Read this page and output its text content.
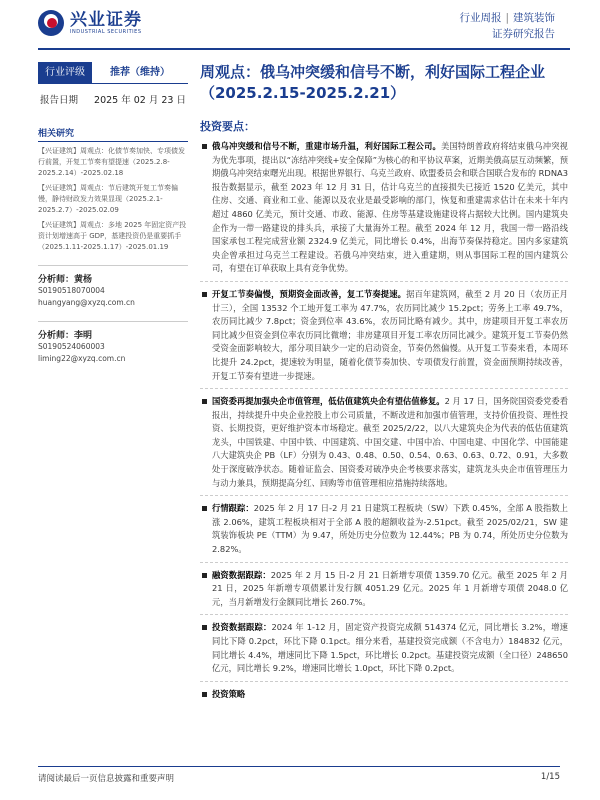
兴业证券
INDUSTRIAL SECURITIES
行业周报 | 建筑装饰
证券研究报告
行业评级	推荐（维持）
报告日期 2025 年 02 月 23 日
相关研究
【兴证建筑】周观点：化债节奏加快、专项债发行前置，开复工节奏有望提速（2025.2.8-2025.2.14）-2025.02.18
【兴证建筑】周观点：节后建筑开复工节奏偏慢，静待财政发力效果显现（2025.2.1-2025.2.7）-2025.02.09
【兴证建筑】周观点：多地 2025 年固定资产投资计划增速高于 GDP，基建投资仍是重要抓手（2025.1.11-2025.1.17）-2025.01.19
分析师：黄杨
S0190518070004
huangyang@xyzq.com.cn
分析师：李明
S0190524060003
liming22@xyzq.com.cn
周观点：俄乌冲突缓和信号不断，利好国际工程企业（2025.2.15-2025.2.21）
投资要点：
俄乌冲突缓和信号不断，重建市场升温，利好国际工程公司。美国特朗普政府将结束俄乌冲突视为优先事项，提出以“冻结冲突线+安全保障”为核心的和平协议草案，近期美俄高层互动频繁，预期俄乌冲突结束曙光出现。根据世界银行、乌克兰政府、欧盟委员会和联合国联合发布的 RDNA3 报告数据显示，截至 2023 年 12 月 31 日，估计乌克兰的直接损失已接近 1520 亿美元，其中住房、交通、商业和工业、能源以及农业是最受影响的部门，恢复和重建需求估计在未来十年内超过 4860 亿美元，预计交通、市政、能源、住房等基建设施建设将占据较大比例。国内建筑央企作为一带一路建设的排头兵，承接了大量海外工程。截至 2024 年 12 月，我国一带一路沿线国家承包工程完成营业额 2324.9 亿美元，同比增长 0.4%，出海节奏保持稳定。国内多家建筑央企曾承担过乌克兰工程建设。若俄乌冲突结束，进入重建期，则从事国际工程的国内建筑公司，有望在订单获取上具有竞争优势。
开复工节奏偏慢，预期资金面改善，复工节奏提速。据百年建筑网，截至 2 月 20 日（农历正月廿三），全国 13532 个工地开复工率为 47.7%，农历同比减少 15.2pct；劳务上工率 49.7%，农历同比减少 7.8pct；资金到位率 43.6%，农历同比略有减少。其中，房建项目开复工率农历同比减少但资金到位率农历同比微增；非房建项目开复工率农历同比减少。建筑开复工节奏仍然受资金面影响较大，部分项目缺少一定的启动资金，节奏仍然偏慢。从开复工节奏来看，本周环比提升 24.2pct，提速较为明显，随着化债节奏加快、专项债发行前置，资金面预期持续改善，开复工节奏有望进一步提速。
国资委再提加强央企市值管理，低估值建筑央企有望估值修复。2 月 17 日，国务院国资委党委看报出，持续提升中央企业控股上市公司质量，不断改进和加强市值管理，支持价值投资、理性投资、长期投资，更好维护资本市场稳定。截至 2025/2/22，以八大建筑央企为代表的低估值建筑龙头，中国铁建、中国中铁、中国建筑、中国交建、中国中冶、中国电建、中国化学、中国能建八大建筑央企 PB（LF）分别为 0.43、0.48、0.50、0.54、0.63、0.63、0.72、0.91，大多数处于深度破净状态。随着证监会、国资委对破净央企考核要求落实，建筑龙头央企市值管理压力与动力兼具，预期提高分红、回购等市值管理相应措施持续落地。
行情跟踪：2025 年 2 月 17 日-2 月 21 日建筑工程板块（SW）下跌 0.45%，全部 A 股指数上涨 2.06%，建筑工程板块相对于全部 A 股的超额收益为-2.51pct。截至 2025/02/21，SW 建筑装饰板块 PE（TTM）为 9.47，所处历史分位数为 12.44%；PB 为 0.74，所处历史分位数为 2.82%。
融资数据跟踪：2025 年 2 月 15 日-2 月 21 日新增专项债 1359.70 亿元。截至 2025 年 2 月 21 日，2025 年新增专项债累计发行额 4051.29 亿元。2025 年 1 月新增专项债 2048.0 亿元，当月新增发行金额同比增长 260.7%。
投资数据跟踪：2024 年 1-12 月，固定资产投资完成额 514374 亿元，同比增长 3.2%，增速同比下降 0.2pct，环比下降 0.1pct。细分来看，基建投资完成额（不含电力）184832 亿元，同比增长 4.4%，增速同比下降 1.5pct，环比增长 0.2pct。基建投资完成额（全口径）248650 亿元，同比增长 9.2%，增速同比增长 1.0pct，环比下降 0.2pct。
投资策略
请阅读最后一页信息披露和重要声明	1/15
